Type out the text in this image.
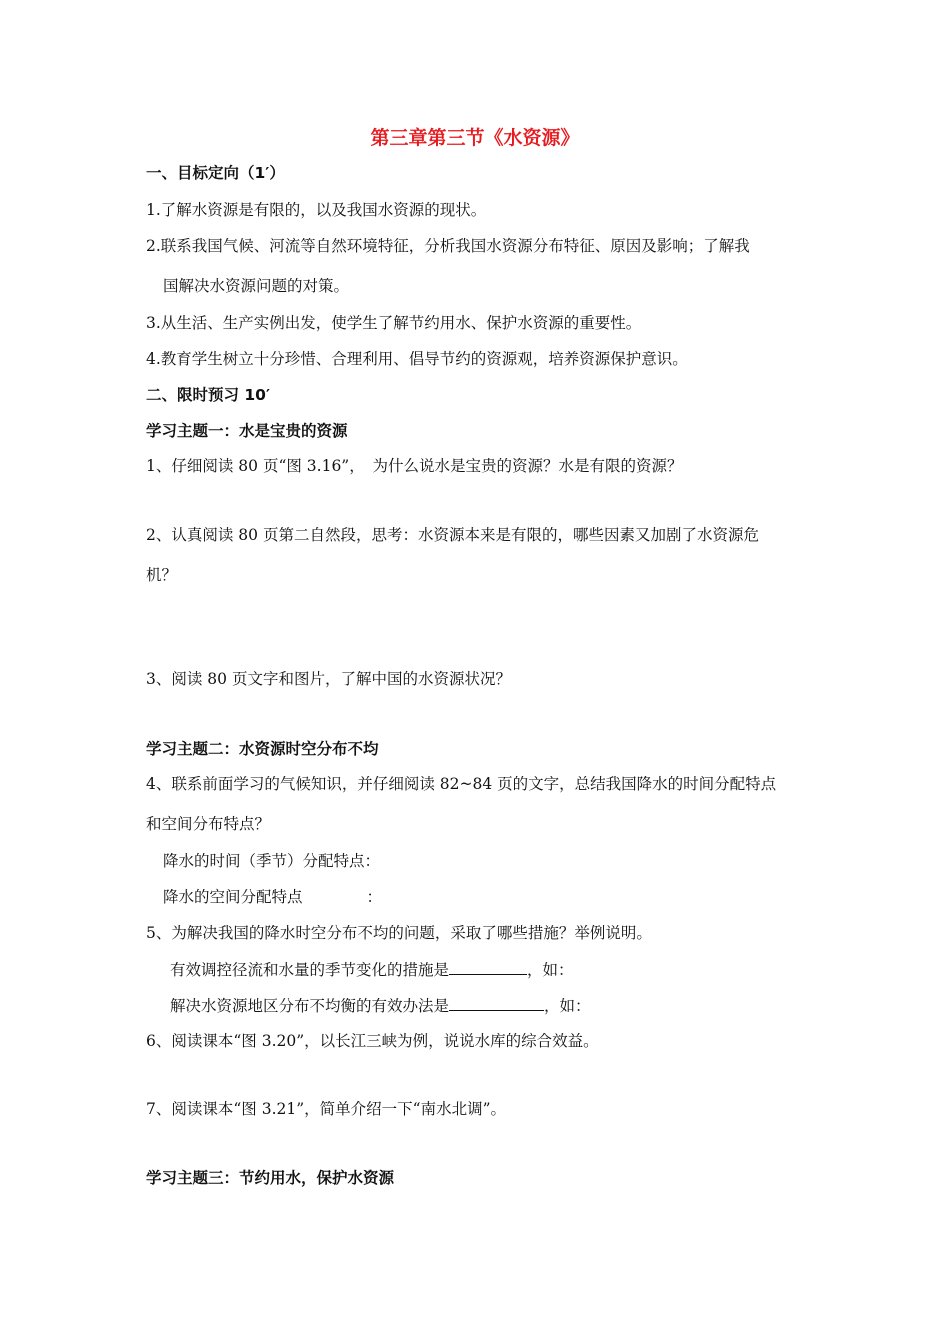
第三章第三节《水资源》
一、目标定向（1′）
1.了解水资源是有限的，以及我国水资源的现状。
2.联系我国气候、河流等自然环境特征，分析我国水资源分布特征、原因及影响；了解我
国解决水资源问题的对策。
3.从生活、生产实例出发，使学生了解节约用水、保护水资源的重要性。
4.教育学生树立十分珍惜、合理利用、倡导节约的资源观，培养资源保护意识。
二、限时预习 10′
学习主题一：水是宝贵的资源
1、仔细阅读 80 页“图 3.16”，　为什么说水是宝贵的资源？水是有限的资源？
2、认真阅读 80 页第二自然段，思考：水资源本来是有限的，哪些因素又加剧了水资源危
机？
3、阅读 80 页文字和图片，了解中国的水资源状况？
学习主题二：水资源时空分布不均
4、联系前面学习的气候知识，并仔细阅读 82~84 页的文字，总结我国降水的时间分配特点
和空间分布特点？
降水的时间（季节）分配特点：
降水的空间分配特点	：
5、为解决我国的降水时空分布不均的问题，采取了哪些措施？举例说明。
有效调控径流和水量的季节变化的措施是	，如：
解决水资源地区分布不均衡的有效办法是	，如：
6、阅读课本“图 3.20”，以长江三峡为例，说说水库的综合效益。
7、阅读课本“图 3.21”，简单介绍一下“南水北调”。
学习主题三：节约用水，保护水资源
